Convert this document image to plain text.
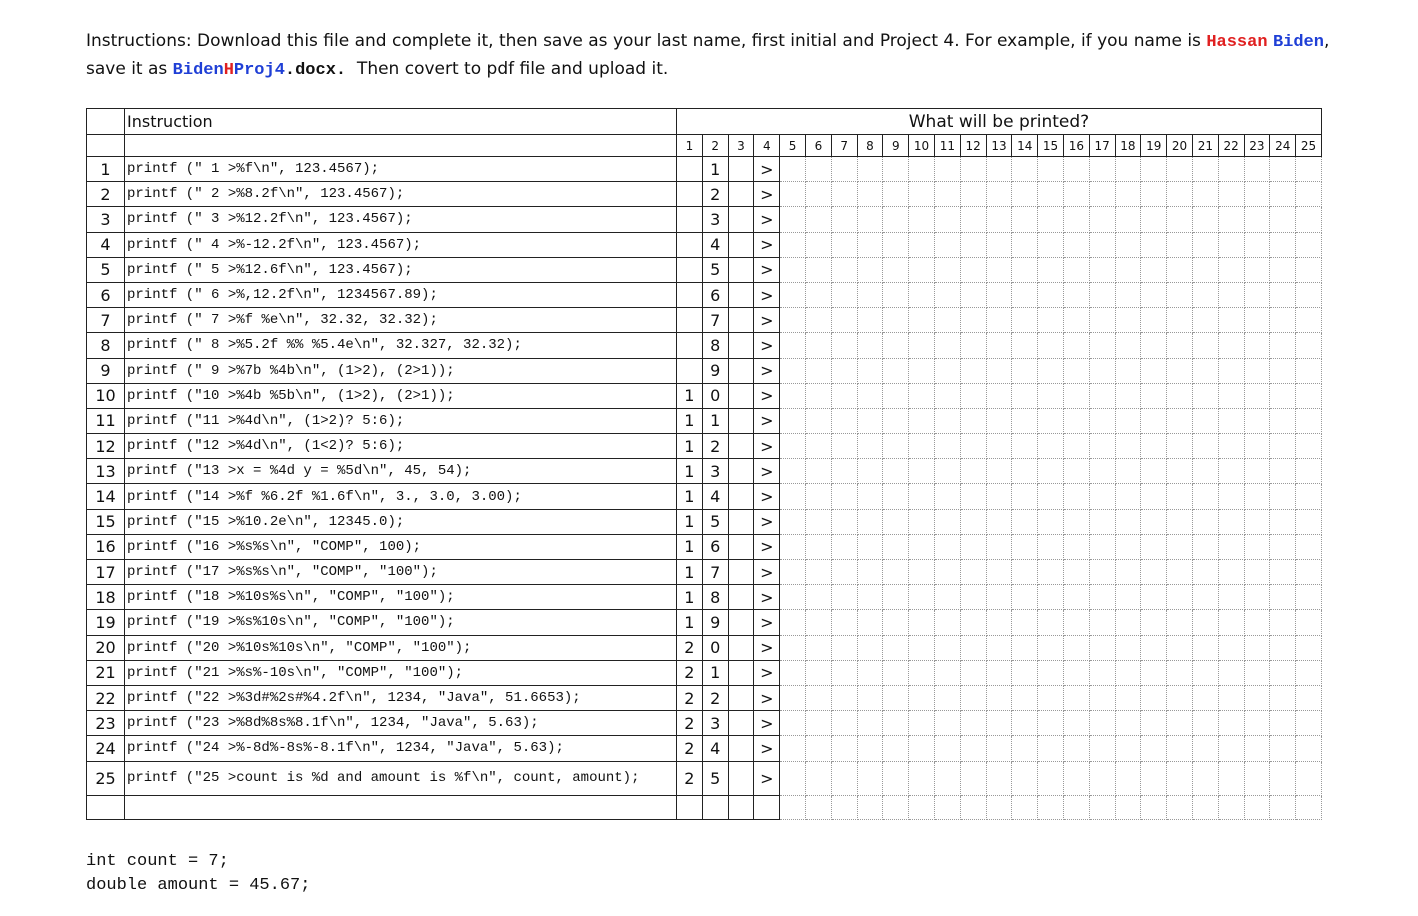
Instructions: Download this file and complete it, then save as your last name, first initial and Project 4. For example, if you name is Hassan Biden,
save it as BidenHProj4.docx.  Then covert to pdf file and upload it.
	Instruction	What will be printed?																								
		1	2	3	4	5	6	7	8	9	10	11	12	13	14	15	16	17	18	19	20	21	22	23	24	25
1	printf (" 1 >%f\n", 123.4567);		1		>																					
2	printf (" 2 >%8.2f\n", 123.4567);		2		>																					
3	printf (" 3 >%12.2f\n", 123.4567);		3		>																					
4	printf (" 4 >%-12.2f\n", 123.4567);		4		>																					
5	printf (" 5 >%12.6f\n", 123.4567);		5		>																					
6	printf (" 6 >%,12.2f\n", 1234567.89);		6		>																					
7	printf (" 7 >%f %e\n", 32.32, 32.32);		7		>																					
8	printf (" 8 >%5.2f %% %5.4e\n", 32.327, 32.32);		8		>																					
9	printf (" 9 >%7b %4b\n", (1>2), (2>1));		9		>																					
10	printf ("10 >%4b %5b\n", (1>2), (2>1));	1	0		>																					
11	printf ("11 >%4d\n", (1>2)? 5:6);	1	1		>																					
12	printf ("12 >%4d\n", (1<2)? 5:6);	1	2		>																					
13	printf ("13 >x = %4d y = %5d\n", 45, 54);	1	3		>																					
14	printf ("14 >%f %6.2f %1.6f\n", 3., 3.0, 3.00);	1	4		>																					
15	printf ("15 >%10.2e\n", 12345.0);	1	5		>																					
16	printf ("16 >%s%s\n", "COMP", 100);	1	6		>																					
17	printf ("17 >%s%s\n", "COMP", "100");	1	7		>																					
18	printf ("18 >%10s%s\n", "COMP", "100");	1	8		>																					
19	printf ("19 >%s%10s\n", "COMP", "100");	1	9		>																					
20	printf ("20 >%10s%10s\n", "COMP", "100");	2	0		>																					
21	printf ("21 >%s%-10s\n", "COMP", "100");	2	1		>																					
22	printf ("22 >%3d#%2s#%4.2f\n", 1234, "Java", 51.6653);	2	2		>																					
23	printf ("23 >%8d%8s%8.1f\n", 1234, "Java", 5.63);	2	3		>																					
24	printf ("24 >%-8d%-8s%-8.1f\n", 1234, "Java", 5.63);	2	4		>																					
25	printf ("25 >count is %d and amount is %f\n", count, amount);	2	5		>																					

int count = 7;
double amount = 45.67;
